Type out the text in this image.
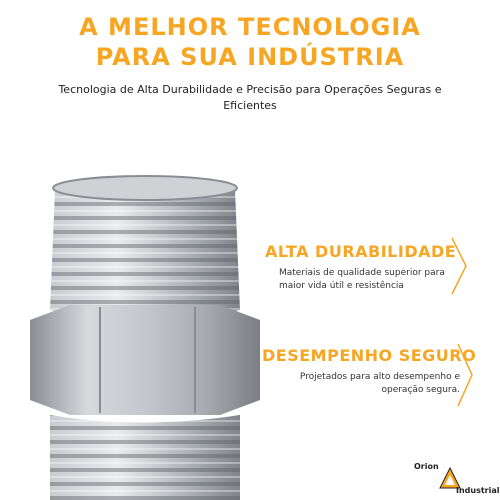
A MELHOR TECNOLOGIA
PARA SUA INDÚSTRIA
Tecnologia de Alta Durabilidade e Precisão para Operações Seguras e Eficientes
ALTA DURABILIDADE
Materiais de qualidade superior para maior vida útil e resistência
DESEMPENHO SEGURO
Projetados para alto desempenho e operação segura.
Orion
Industrial
